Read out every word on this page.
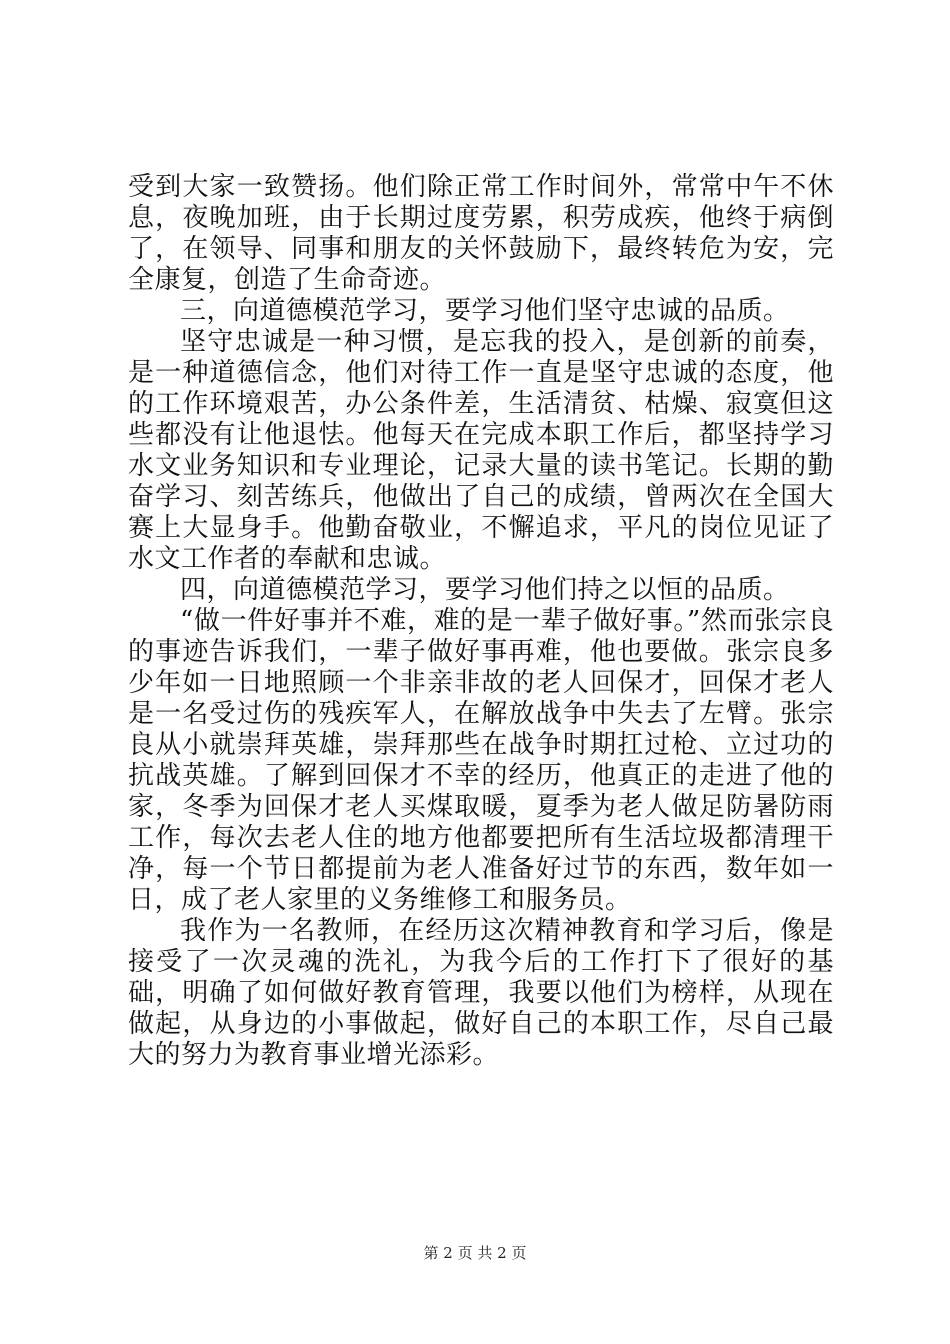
受到大家一致赞扬。他们除正常工作时间外，常常中午不休息，夜晚加班，由于长期过度劳累，积劳成疾，他终于病倒了，在领导、同事和朋友的关怀鼓励下，最终转危为安，完全康复，创造了生命奇迹。

三，向道德模范学习，要学习他们坚守忠诚的品质。

坚守忠诚是一种习惯，是忘我的投入，是创新的前奏，是一种道德信念，他们对待工作一直是坚守忠诚的态度，他的工作环境艰苦，办公条件差，生活清贫、枯燥、寂寞但这些都没有让他退怯。他每天在完成本职工作后，都坚持学习水文业务知识和专业理论，记录大量的读书笔记。长期的勤奋学习、刻苦练兵，他做出了自己的成绩，曾两次在全国大赛上大显身手。他勤奋敬业，不懈追求，平凡的岗位见证了水文工作者的奉献和忠诚。

四，向道德模范学习，要学习他们持之以恒的品质。

“做一件好事并不难，难的是一辈子做好事。”然而张宗良的事迹告诉我们，一辈子做好事再难，他也要做。张宗良多少年如一日地照顾一个非亲非故的老人回保才，回保才老人是一名受过伤的残疾军人，在解放战争中失去了左臂。张宗良从小就崇拜英雄，崇拜那些在战争时期扛过枪、立过功的抗战英雄。了解到回保才不幸的经历，他真正的走进了他的家，冬季为回保才老人买煤取暖，夏季为老人做足防暑防雨工作，每次去老人住的地方他都要把所有生活垃圾都清理干净，每一个节日都提前为老人准备好过节的东西，数年如一日，成了老人家里的义务维修工和服务员。

我作为一名教师，在经历这次精神教育和学习后，像是接受了一次灵魂的洗礼，为我今后的工作打下了很好的基础，明确了如何做好教育管理，我要以他们为榜样，从现在做起，从身边的小事做起，做好自己的本职工作，尽自己最大的努力为教育事业增光添彩。

第 2 页 共 2 页
